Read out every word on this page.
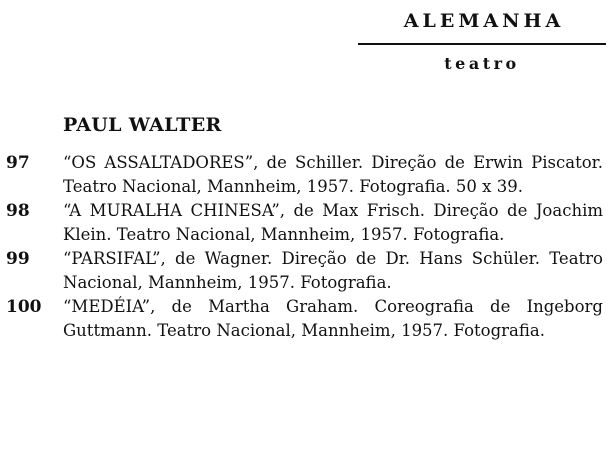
ALEMANHA
teatro
PAUL WALTER
97 “OS ASSALTADORES”, de Schiller. Direção de Erwin Piscator. Teatro Nacional, Mannheim, 1957. Fotografia. 50 x 39.
98 “A MURALHA CHINESA”, de Max Frisch. Direção de Joachim Klein. Teatro Nacional, Mannheim, 1957. Fotografia.
99 “PARSIFAL”, de Wagner. Direção de Dr. Hans Schüler. Teatro Nacional, Mannheim, 1957. Fotografia.
100 “MEDÉIA”, de Martha Graham. Coreografia de Ingeborg Guttmann. Teatro Nacional, Mannheim, 1957. Fotografia.
